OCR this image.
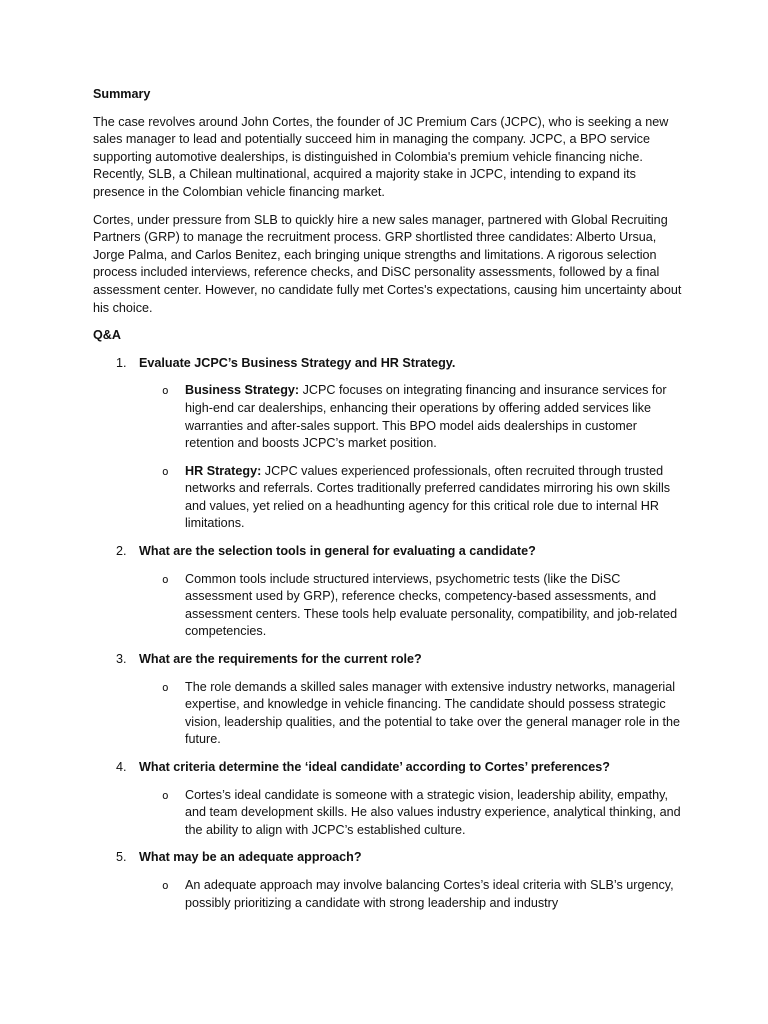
Summary

The case revolves around John Cortes, the founder of JC Premium Cars (JCPC), who is seeking a new sales manager to lead and potentially succeed him in managing the company. JCPC, a BPO service supporting automotive dealerships, is distinguished in Colombia's premium vehicle financing niche. Recently, SLB, a Chilean multinational, acquired a majority stake in JCPC, intending to expand its presence in the Colombian vehicle financing market.

Cortes, under pressure from SLB to quickly hire a new sales manager, partnered with Global Recruiting Partners (GRP) to manage the recruitment process. GRP shortlisted three candidates: Alberto Ursua, Jorge Palma, and Carlos Benitez, each bringing unique strengths and limitations. A rigorous selection process included interviews, reference checks, and DiSC personality assessments, followed by a final assessment center. However, no candidate fully met Cortes's expectations, causing him uncertainty about his choice.

Q&A
1. Evaluate JCPC’s Business Strategy and HR Strategy.
o Business Strategy: JCPC focuses on integrating financing and insurance services for high-end car dealerships, enhancing their operations by offering added services like warranties and after-sales support. This BPO model aids dealerships in customer retention and boosts JCPC’s market position.
o HR Strategy: JCPC values experienced professionals, often recruited through trusted networks and referrals. Cortes traditionally preferred candidates mirroring his own skills and values, yet relied on a headhunting agency for this critical role due to internal HR limitations.
2. What are the selection tools in general for evaluating a candidate?
o Common tools include structured interviews, psychometric tests (like the DiSC assessment used by GRP), reference checks, competency-based assessments, and assessment centers. These tools help evaluate personality, compatibility, and job-related competencies.
3. What are the requirements for the current role?
o The role demands a skilled sales manager with extensive industry networks, managerial expertise, and knowledge in vehicle financing. The candidate should possess strategic vision, leadership qualities, and the potential to take over the general manager role in the future.
4. What criteria determine the ‘ideal candidate’ according to Cortes’ preferences?
o Cortes’s ideal candidate is someone with a strategic vision, leadership ability, empathy, and team development skills. He also values industry experience, analytical thinking, and the ability to align with JCPC’s established culture.
5. What may be an adequate approach?
o An adequate approach may involve balancing Cortes’s ideal criteria with SLB’s urgency, possibly prioritizing a candidate with strong leadership and industry
